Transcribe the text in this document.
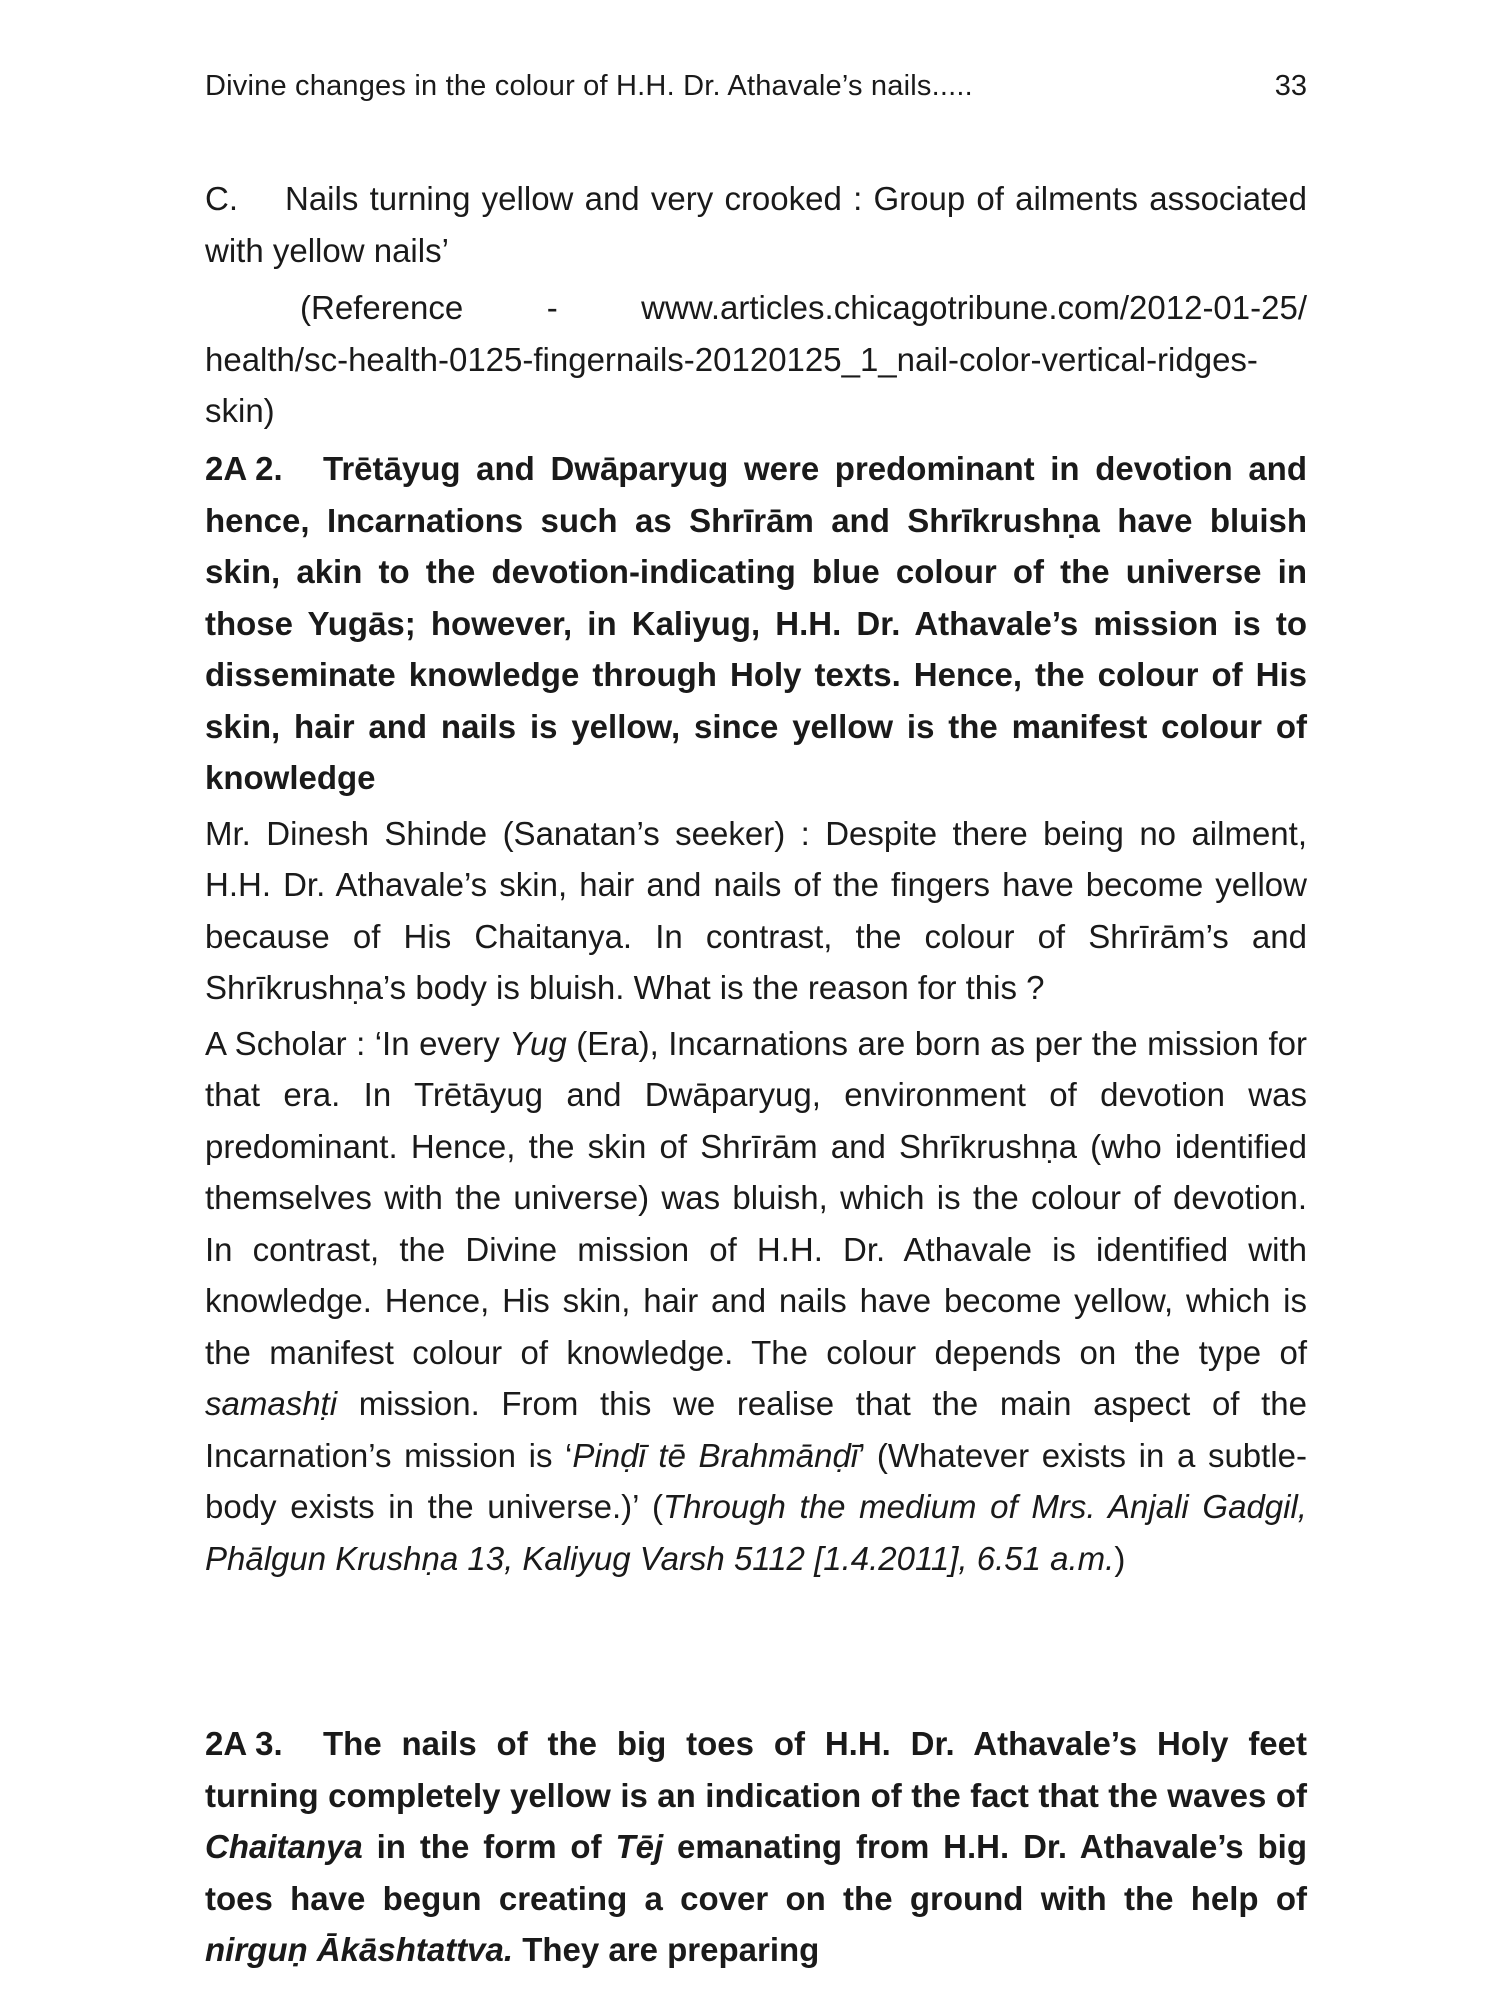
Divine changes in the colour of H.H. Dr. Athavale’s nails.....	33

C. Nails turning yellow and very crooked : Group of ailments associated with yellow nails’

(Reference - www.articles.chicagotribune.com/2012-01-25/ health/sc-health-0125-fingernails-20120125_1_nail-color-vertical-ridges-skin)

2A 2. Trētāyug and Dwāparyug were predominant in devotion and hence, Incarnations such as Shrīrām and Shrīkrushṇa have bluish skin, akin to the devotion-indicating blue colour of the universe in those Yugās; however, in Kaliyug, H.H. Dr. Athavale’s mission is to disseminate knowledge through Holy texts. Hence, the colour of His skin, hair and nails is yellow, since yellow is the manifest colour of knowledge

Mr. Dinesh Shinde (Sanatan’s seeker) : Despite there being no ailment, H.H. Dr. Athavale’s skin, hair and nails of the fingers have become yellow because of His Chaitanya. In contrast, the colour of Shrīrām’s and Shrīkrushṇa’s body is bluish. What is the reason for this ?

A Scholar : ‘In every Yug (Era), Incarnations are born as per the mission for that era. In Trētāyug and Dwāparyug, environment of devotion was predominant. Hence, the skin of Shrīrām and Shrīkrushṇa (who identified themselves with the universe) was bluish, which is the colour of devotion. In contrast, the Divine mission of H.H. Dr. Athavale is identified with knowledge. Hence, His skin, hair and nails have become yellow, which is the manifest colour of knowledge. The colour depends on the type of samashṭi mission. From this we realise that the main aspect of the Incarnation’s mission is ‘Pinḍī tē Brahmānḍī’ (Whatever exists in a subtle-body exists in the universe.)’ (Through the medium of Mrs. Anjali Gadgil, Phālgun Krushṇa 13, Kaliyug Varsh 5112 [1.4.2011], 6.51 a.m.)

2A 3. The nails of the big toes of H.H. Dr. Athavale’s Holy feet turning completely yellow is an indication of the fact that the waves of Chaitanya in the form of Tēj emanating from H.H. Dr. Athavale’s big toes have begun creating a cover on the ground with the help of nirguṇ Ākāshtattva. They are preparing
